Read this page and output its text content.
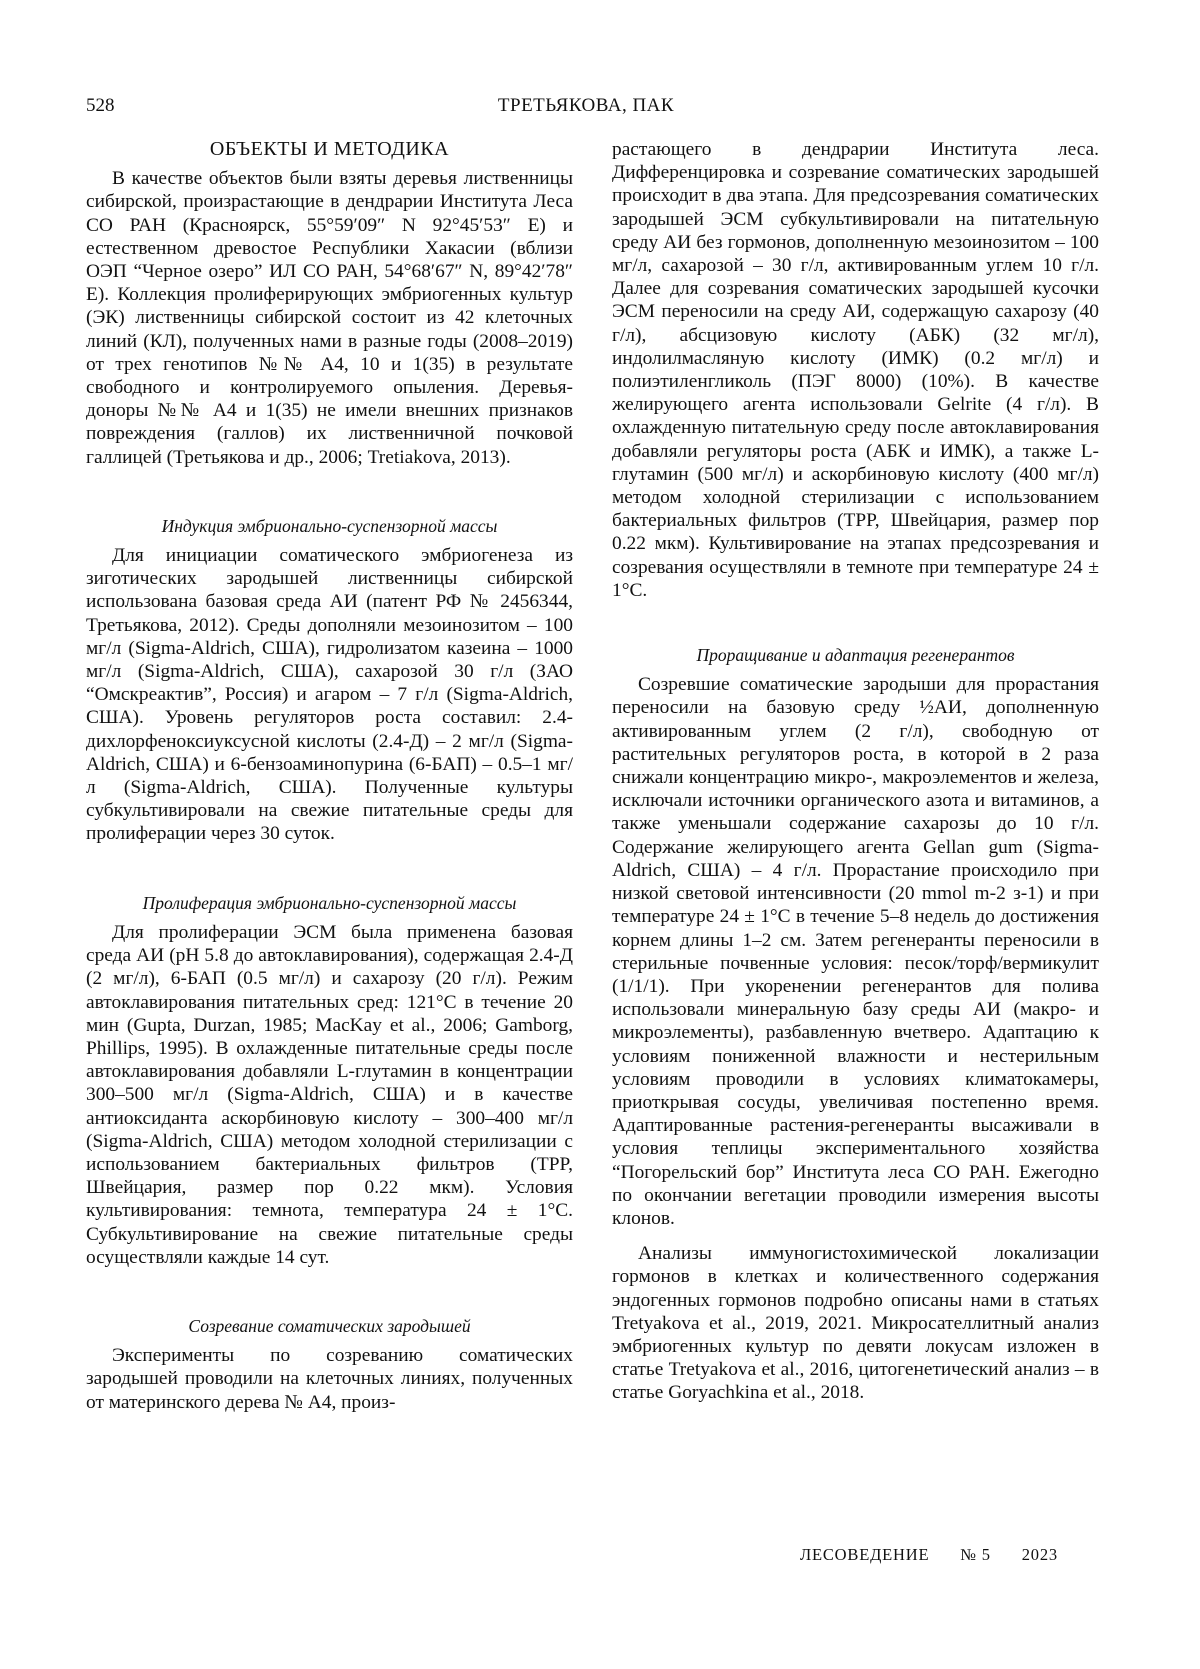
528	ТРЕТЬЯКОВА, ПАК
ОБЪЕКТЫ И МЕТОДИКА

В качестве объектов были взяты деревья лиственницы сибирской, произрастающие в дендрарии Института Леса СО РАН (Красноярск, 55°59′09″ N 92°45′53″ E) и естественном древостое Республики Хакасии (вблизи ОЭП “Черное озеро” ИЛ СО РАН, 54°68′67″ N, 89°42′78″ E). Коллекция пролиферирующих эмбриогенных культур (ЭК) лиственницы сибирской состоит из 42 клеточных линий (КЛ), полученных нами в разные годы (2008–2019) от трех генотипов №№ А4, 10 и 1(35) в результате свободного и контролируемого опыления. Деревья-доноры №№ А4 и 1(35) не имели внешних признаков повреждения (галлов) их лиственничной почковой галлицей (Третьякова и др., 2006; Tretiakova, 2013).

Индукция эмбрионально-суспензорной массы

Для инициации соматического эмбриогенеза из зиготических зародышей лиственницы сибирской использована базовая среда АИ (патент РФ № 2456344, Третьякова, 2012). Среды дополняли мезоинозитом – 100 мг/л (Sigma-Aldrich, США), гидролизатом казеина – 1000 мг/л (Sigma-Aldrich, США), сахарозой 30 г/л (ЗАО “Омскреактив”, Россия) и агаром – 7 г/л (Sigma-Aldrich, США). Уровень регуляторов роста составил: 2.4-дихлорфеноксиуксусной кислоты (2.4-Д) – 2 мг/л (Sigma-Aldrich, США) и 6-бензоаминопурина (6-БАП) – 0.5–1 мг/л (Sigma-Aldrich, США). Полученные культуры субкультивировали на свежие питательные среды для пролиферации через 30 суток.

Пролиферация эмбрионально-суспензорной массы

Для пролиферации ЭСМ была применена базовая среда АИ (pH 5.8 до автоклавирования), содержащая 2.4-Д (2 мг/л), 6-БАП (0.5 мг/л) и сахарозу (20 г/л). Режим автоклавирования питательных сред: 121°C в течение 20 мин (Gupta, Durzan, 1985; MacKay et al., 2006; Gamborg, Phillips, 1995). В охлажденные питательные среды после автоклавирования добавляли L-глутамин в концентрации 300–500 мг/л (Sigma-Aldrich, США) и в качестве антиоксиданта аскорбиновую кислоту – 300–400 мг/л (Sigma-Aldrich, США) методом холодной стерилизации с использованием бактериальных фильтров (TPP, Швейцария, размер пор 0.22 мкм). Условия культивирования: темнота, температура 24 ± 1°C. Субкультивирование на свежие питательные среды осуществляли каждые 14 сут.

Созревание соматических зародышей

Эксперименты по созреванию соматических зародышей проводили на клеточных линиях, полученных от материнского дерева № А4, произ-

растающего в дендрарии Института леса. Дифференцировка и созревание соматических зародышей происходит в два этапа. Для предсозревания соматических зародышей ЭСМ субкультивировали на питательную среду АИ без гормонов, дополненную мезоинозитом – 100 мг/л, сахарозой – 30 г/л, активированным углем 10 г/л. Далее для созревания соматических зародышей кусочки ЭСМ переносили на среду АИ, содержащую сахарозу (40 г/л), абсцизовую кислоту (АБК) (32 мг/л), индолилмасляную кислоту (ИМК) (0.2 мг/л) и полиэтиленгликоль (ПЭГ 8000) (10%). В качестве желирующего агента использовали Gelrite (4 г/л). В охлажденную питательную среду после автоклавирования добавляли регуляторы роста (АБК и ИМК), а также L-глутамин (500 мг/л) и аскорбиновую кислоту (400 мг/л) методом холодной стерилизации с использованием бактериальных фильтров (TPP, Швейцария, размер пор 0.22 мкм). Культивирование на этапах предсозревания и созревания осуществляли в темноте при температуре 24 ± 1°C.

Проращивание и адаптация регенерантов

Созревшие соматические зародыши для прорастания переносили на базовую среду ½АИ, дополненную активированным углем (2 г/л), свободную от растительных регуляторов роста, в которой в 2 раза снижали концентрацию микро-, макроэлементов и железа, исключали источники органического азота и витаминов, а также уменьшали содержание сахарозы до 10 г/л. Содержание желирующего агента Gellan gum (Sigma-Aldrich, США) – 4 г/л. Прорастание происходило при низкой световой интенсивности (20 mmol m-2 з-1) и при температуре 24 ± 1°C в течение 5–8 недель до достижения корнем длины 1–2 см. Затем регенеранты переносили в стерильные почвенные условия: песок/торф/вермикулит (1/1/1). При укоренении регенерантов для полива использовали минеральную базу среды АИ (макро- и микроэлементы), разбавленную вчетверо. Адаптацию к условиям пониженной влажности и нестерильным условиям проводили в условиях климатокамеры, приоткрывая сосуды, увеличивая постепенно время. Адаптированные растения-регенеранты высаживали в условия теплицы экспериментального хозяйства “Погорельский бор” Института леса СО РАН. Ежегодно по окончании вегетации проводили измерения высоты клонов.

Анализы иммуногистохимической локализации гормонов в клетках и количественного содержания эндогенных гормонов подробно описаны нами в статьях Tretyakova et al., 2019, 2021. Микросателлитный анализ эмбриогенных культур по девяти локусам изложен в статье Tretyakova et al., 2016, цитогенетический анализ – в статье Goryachkina et al., 2018.

ЛЕСОВЕДЕНИЕ № 5 2023
